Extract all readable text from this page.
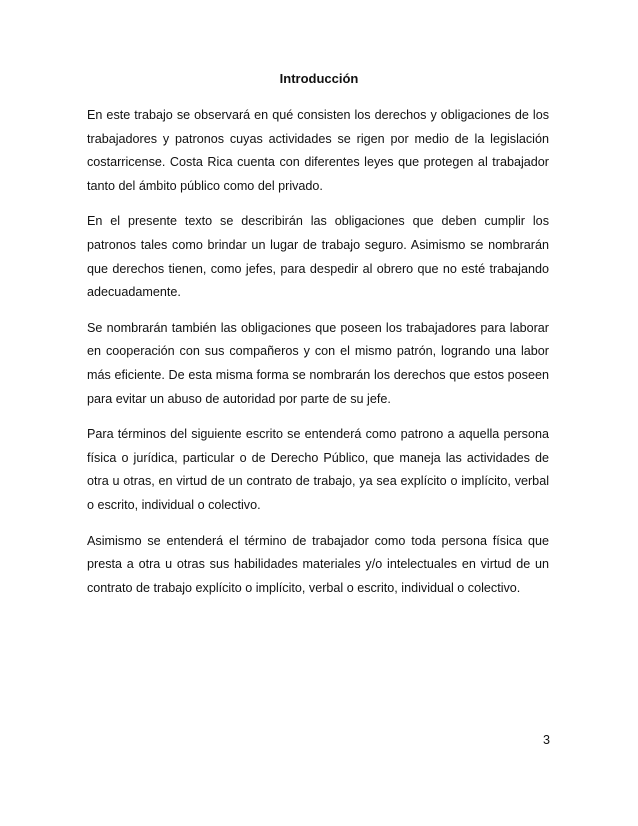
Introducción

En este trabajo se observará en qué consisten los derechos y obligaciones de los trabajadores y patronos cuyas actividades se rigen por medio de la legislación costarricense. Costa Rica cuenta con diferentes leyes que protegen al trabajador tanto del ámbito público como del privado.

En el presente texto se describirán las obligaciones que deben cumplir los patronos tales como brindar un lugar de trabajo seguro. Asimismo se nombrarán que derechos tienen, como jefes, para despedir al obrero que no esté trabajando adecuadamente.

Se nombrarán también las obligaciones que poseen los trabajadores para laborar en cooperación con sus compañeros y con el mismo patrón, logrando una labor más eficiente. De esta misma forma se nombrarán los derechos que estos poseen para evitar un abuso de autoridad por parte de su jefe.

Para términos del siguiente escrito se entenderá como patrono a aquella persona física o jurídica, particular o de Derecho Público, que maneja las actividades de otra u otras, en virtud de un contrato de trabajo, ya sea explícito o implícito, verbal o escrito, individual o colectivo.

Asimismo se entenderá el término de trabajador como toda persona física que presta a otra u otras sus habilidades materiales y/o intelectuales en virtud de un contrato de trabajo explícito o implícito, verbal o escrito, individual o colectivo.

3
